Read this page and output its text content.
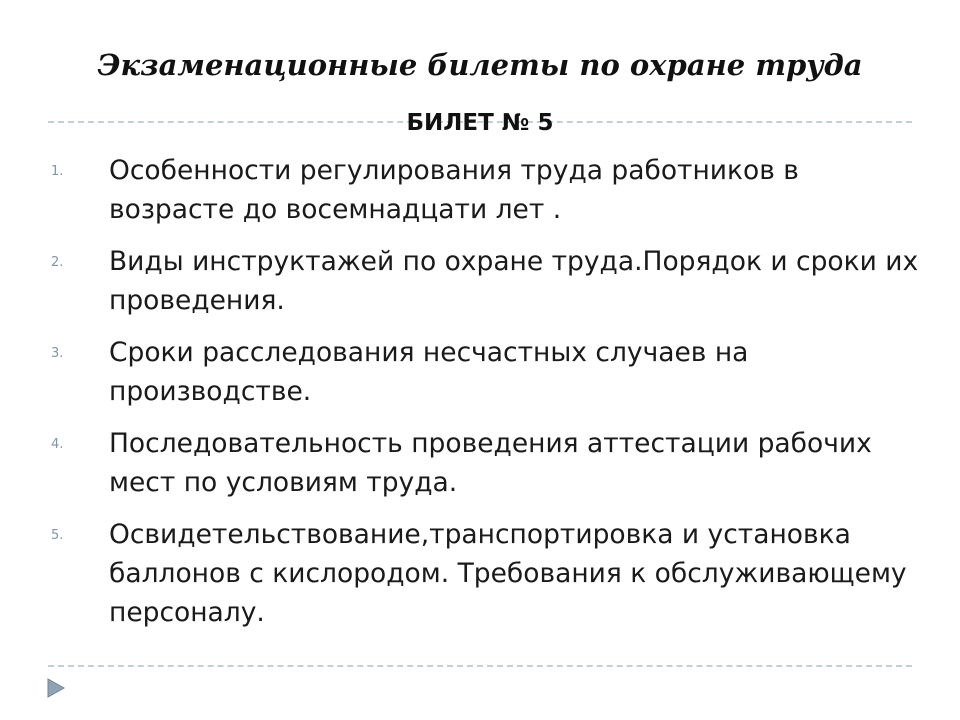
Экзаменационные билеты по охране труда
БИЛЕТ № 5
1.	Особенности регулирования труда работников в возрасте до восемнадцати лет .
2.	Виды инструктажей по охране труда.Порядок и сроки их проведения.
3.	Сроки расследования несчастных случаев на производстве.
4.	Последовательность проведения аттестации рабочих мест по условиям труда.
5.	Освидетельствование,транспортировка и установка баллонов с кислородом. Требования к обслуживающему персоналу.
